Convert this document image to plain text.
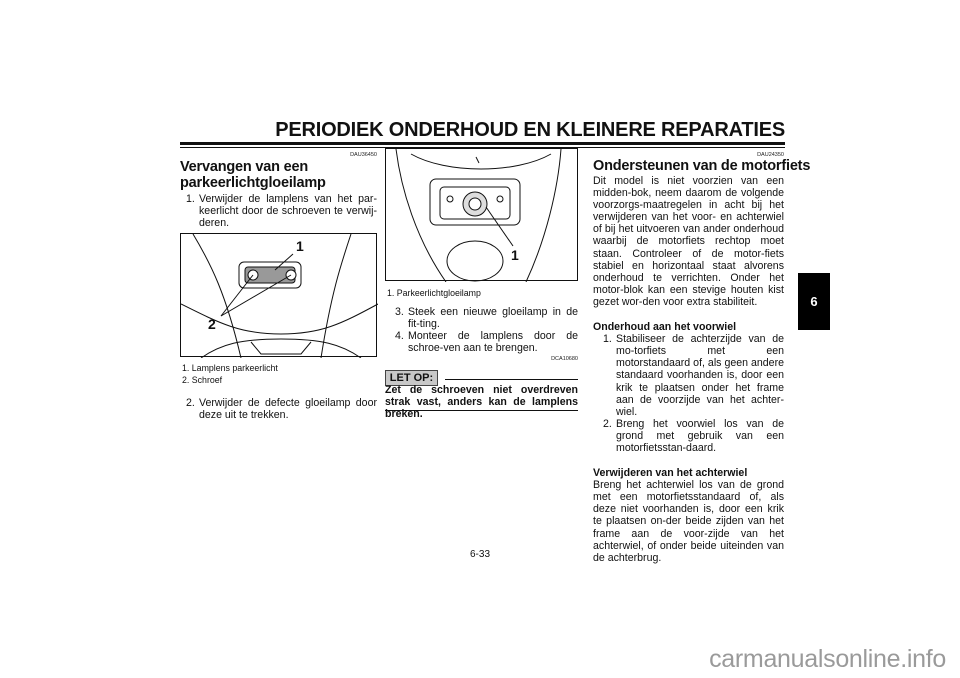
PERIODIEK ONDERHOUD EN KLEINERE REPARATIES
6
DAU36450
Vervangen van een
parkeerlichtgloeilamp
1. Verwijder de lamplens van het par-keerlicht door de schroeven te verwij-deren.
1
2
1. Lamplens parkeerlicht
2. Schroef
2. Verwijder de defecte gloeilamp door deze uit te trekken.
1
1. Parkeerlichtgloeilamp
3. Steek een nieuwe gloeilamp in de fit-ting.
4. Monteer de lamplens door de schroe-ven aan te brengen.
DCA10680
LET OP:
Zet de schroeven niet overdreven strak vast, anders kan de lamplens breken.
DAU24350
Ondersteunen van de motorfiets
Dit model is niet voorzien van een midden-bok, neem daarom de volgende voorzorgs-maatregelen in acht bij het verwijderen van het voor- en achterwiel of bij het uitvoeren van ander onderhoud waarbij de motorfiets rechtop moet staan. Controleer of de motor-fiets stabiel en horizontaal staat alvorens onderhoud te verrichten. Onder het motor-blok kan een stevige houten kist gezet wor-den voor extra stabiliteit.
Onderhoud aan het voorwiel
1. Stabiliseer de achterzijde van de mo-torfiets met een motorstandaard of, als geen andere standaard voorhanden is, door een krik te plaatsen onder het frame aan de voorzijde van het achter-wiel.
2. Breng het voorwiel los van de grond met gebruik van een motorfietsstan-daard.
Verwijderen van het achterwiel
Breng het achterwiel los van de grond met een motorfietsstandaard of, als deze niet voorhanden is, door een krik te plaatsen on-der beide zijden van het frame aan de voor-zijde van het achterwiel, of onder beide uiteinden van de achterbrug.
6-33
carmanualsonline.info
